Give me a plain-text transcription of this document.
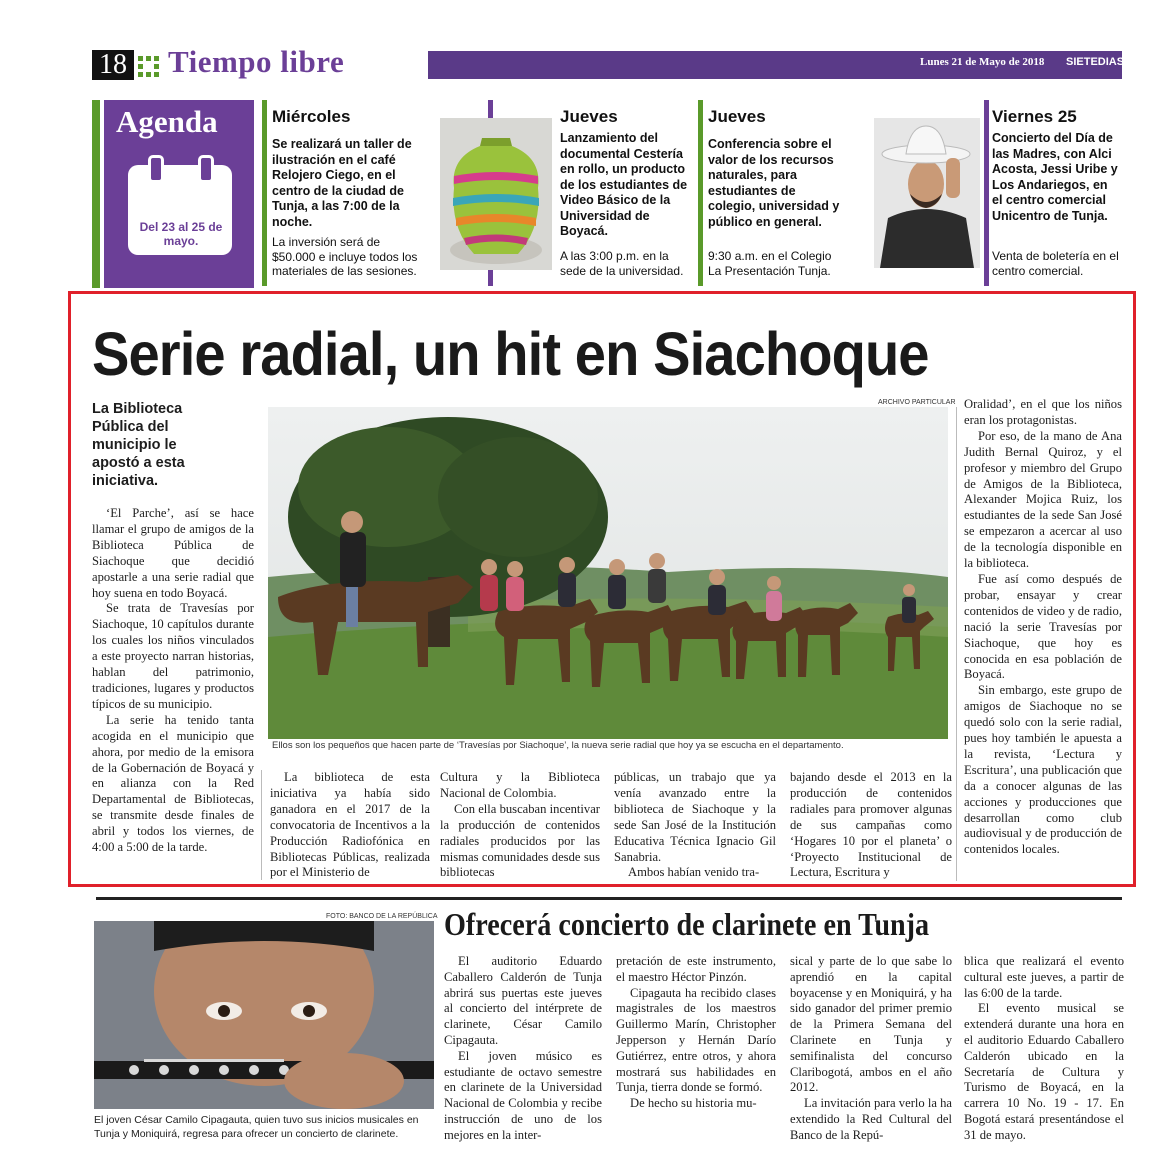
18 Tiempo libre	Lunes 21 de Mayo de 2018 SIETEDIAS
Agenda
Del 23 al 25 de mayo.
Miércoles
Se realizará un taller de ilustración en el café Relojero Ciego, en el centro de la ciudad de Tunja, a las 7:00 de la noche.
La inversión será de $50.000 e incluye todos los materiales de las sesiones.
Jueves
Lanzamiento del documental Cestería en rollo, un producto de los estudiantes de Video Básico de la Universidad de Boyacá.
A las 3:00 p.m. en la sede de la universidad.
Jueves
Conferencia sobre el valor de los recursos naturales, para estudiantes de colegio, universidad y público en general.
9:30 a.m. en el Colegio La Presentación Tunja.
Viernes 25
Concierto del Día de las Madres, con Alci Acosta, Jessi Uribe y Los Andariegos, en el centro comercial Unicentro de Tunja.
Venta de boletería en el centro comercial.
Serie radial, un hit en Siachoque
La Biblioteca Pública del municipio le apostó a esta iniciativa.
ARCHIVO PARTICULAR
Ellos son los pequeños que hacen parte de ‘Travesías por Siachoque’, la nueva serie radial que hoy ya se escucha en el departamento.

‘El Parche’, así se hace llamar el grupo de amigos de la Biblioteca Pública de Siachoque que decidió apostarle a una serie radial que hoy suena en todo Boyacá.

Se trata de Travesías por Siachoque, 10 capítulos durante los cuales los niños vinculados a este proyecto narran historias, hablan del patrimonio, tradiciones, lugares y productos típicos de su municipio.

La serie ha tenido tanta acogida en el municipio que ahora, por medio de la emisora de la Gobernación de Boyacá y en alianza con la Red Departamental de Bibliotecas, se transmite desde finales de abril y todos los viernes, de 4:00 a 5:00 de la tarde.

La biblioteca de esta iniciativa ya había sido ganadora en el 2017 de la convocatoria de Incentivos a la Producción Radiofónica en Bibliotecas Públicas, realizada por el Ministerio de

Cultura y la Biblioteca Nacional de Colombia.

Con ella buscaban incentivar la producción de contenidos radiales producidos por las mismas comunidades desde sus bibliotecas

públicas, un trabajo que ya venía avanzado entre la biblioteca de Siachoque y la sede San José de la Institución Educativa Técnica Ignacio Gil Sanabria.

Ambos habían venido tra-

bajando desde el 2013 en la producción de contenidos radiales para promover algunas de sus campañas como ‘Hogares 10 por el planeta’ o ‘Proyecto Institucional de Lectura, Escritura y

Oralidad’, en el que los niños eran los protagonistas.

Por eso, de la mano de Ana Judith Bernal Quiroz, y el profesor y miembro del Grupo de Amigos de la Biblioteca, Alexander Mojica Ruiz, los estudiantes de la sede San José se empezaron a acercar al uso de la tecnología disponible en la biblioteca.

Fue así como después de probar, ensayar y crear contenidos de video y de radio, nació la serie Travesías por Siachoque, que hoy es conocida en esa población de Boyacá.

Sin embargo, este grupo de amigos de Siachoque no se quedó solo con la serie radial, pues hoy también le apuesta a la revista, ‘Lectura y Escritura’, una publicación que da a conocer algunas de las acciones y producciones que desarrollan como club audiovisual y de producción de contenidos locales.

FOTO: BANCO DE LA REPÚBLICA
El joven César Camilo Cipagauta, quien tuvo sus inicios musicales en Tunja y Moniquirá, regresa para ofrecer un concierto de clarinete.
Ofrecerá concierto de clarinete en Tunja

El auditorio Eduardo Caballero Calderón de Tunja abrirá sus puertas este jueves al concierto del intérprete de clarinete, César Camilo Cipagauta.

El joven músico es estudiante de octavo semestre en clarinete de la Universidad Nacional de Colombia y recibe instrucción de uno de los mejores en la inter-

pretación de este instrumento, el maestro Héctor Pinzón.

Cipagauta ha recibido clases magistrales de los maestros Guillermo Marín, Christopher Jepperson y Hernán Darío Gutiérrez, entre otros, y ahora mostrará sus habilidades en Tunja, tierra donde se formó.

De hecho su historia mu-

sical y parte de lo que sabe lo aprendió en la capital boyacense y en Moniquirá, y ha sido ganador del primer premio de la Primera Semana del Clarinete en Tunja y semifinalista del concurso Claribogotá, ambos en el año 2012.

La invitación para verlo la ha extendido la Red Cultural del Banco de la Repú-

blica que realizará el evento cultural este jueves, a partir de las 6:00 de la tarde.

El evento musical se extenderá durante una hora en el auditorio Eduardo Caballero Calderón ubicado en la Secretaría de Cultura y Turismo de Boyacá, en la carrera 10 No. 19 - 17. En Bogotá estará presentándose el 31 de mayo.
